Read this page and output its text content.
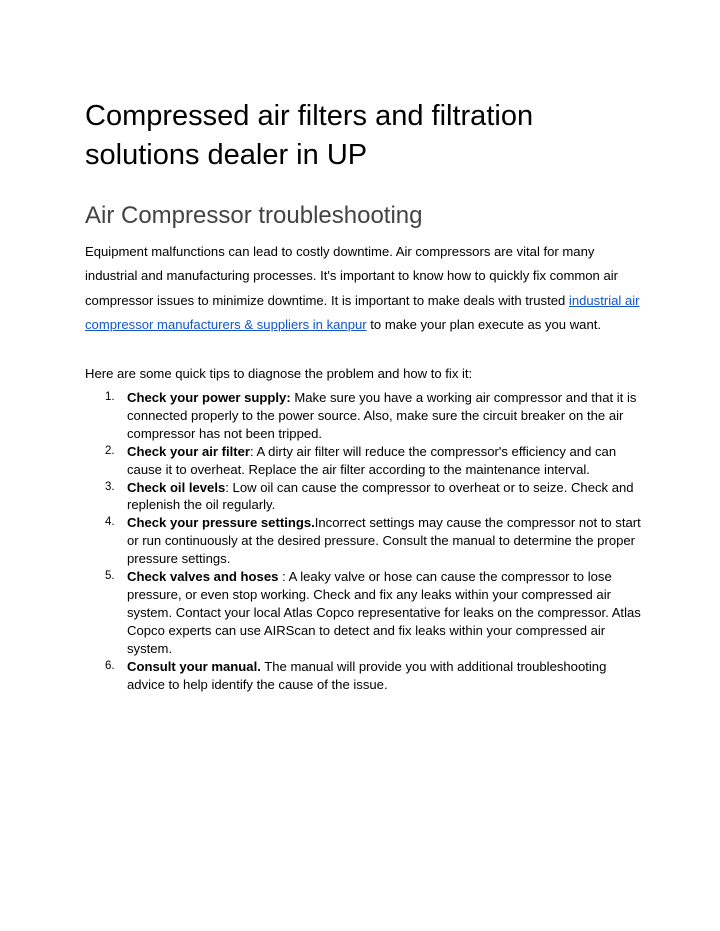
Compressed air filters and filtration solutions dealer in UP
Air Compressor troubleshooting

Equipment malfunctions can lead to costly downtime. Air compressors are vital for many industrial and manufacturing processes. It's important to know how to quickly fix common air compressor issues to minimize downtime. It is important to make deals with trusted industrial air compressor manufacturers & suppliers in kanpur to make your plan execute as you want.

Here are some quick tips to diagnose the problem and how to fix it:

1. Check your power supply: Make sure you have a working air compressor and that it is connected properly to the power source. Also, make sure the circuit breaker on the air compressor has not been tripped.
2. Check your air filter: A dirty air filter will reduce the compressor's efficiency and can cause it to overheat. Replace the air filter according to the maintenance interval.
3. Check oil levels: Low oil can cause the compressor to overheat or to seize. Check and replenish the oil regularly.
4. Check your pressure settings.Incorrect settings may cause the compressor not to start or run continuously at the desired pressure. Consult the manual to determine the proper pressure settings.
5. Check valves and hoses : A leaky valve or hose can cause the compressor to lose pressure, or even stop working. Check and fix any leaks within your compressed air system. Contact your local Atlas Copco representative for leaks on the compressor. Atlas Copco experts can use AIRScan to detect and fix leaks within your compressed air system.
6. Consult your manual. The manual will provide you with additional troubleshooting advice to help identify the cause of the issue.
